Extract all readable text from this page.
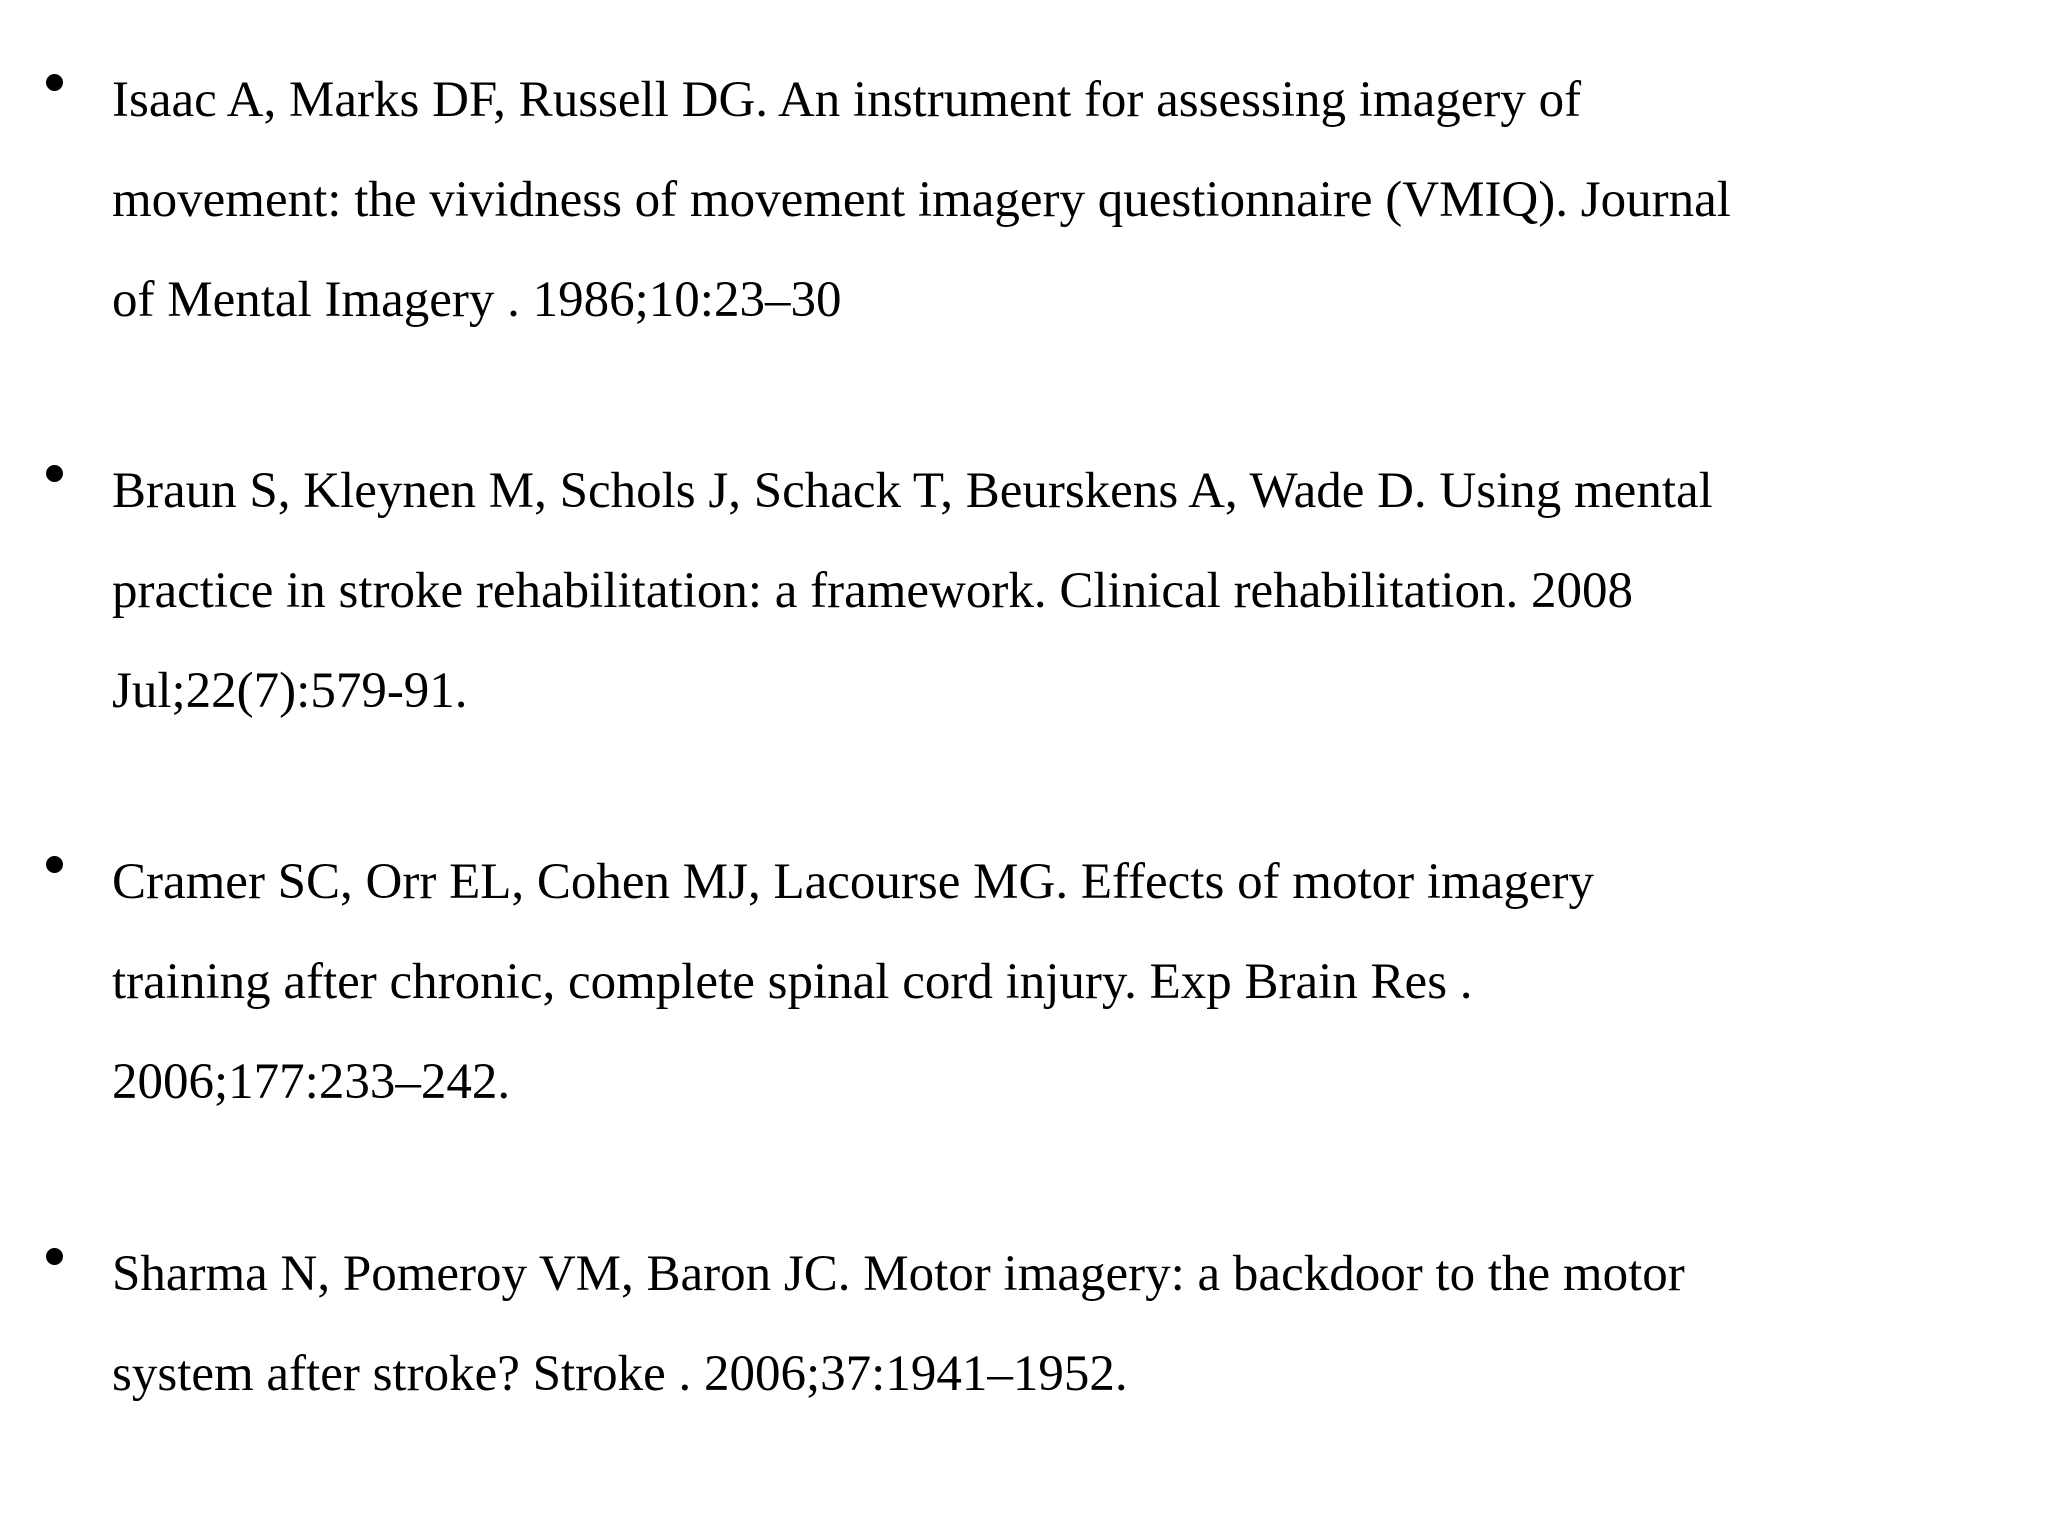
Isaac A, Marks DF, Russell DG. An instrument for assessing imagery of
movement: the vividness of movement imagery questionnaire (VMIQ). Journal
of Mental Imagery . 1986;10:23–30

Braun S, Kleynen M, Schols J, Schack T, Beurskens A, Wade D. Using mental
practice in stroke rehabilitation: a framework. Clinical rehabilitation. 2008
Jul;22(7):579-91.

Cramer SC, Orr EL, Cohen MJ, Lacourse MG. Effects of motor imagery
training after chronic, complete spinal cord injury. Exp Brain Res .
2006;177:233–242.

Sharma N, Pomeroy VM, Baron JC. Motor imagery: a backdoor to the motor
system after stroke? Stroke . 2006;37:1941–1952.
